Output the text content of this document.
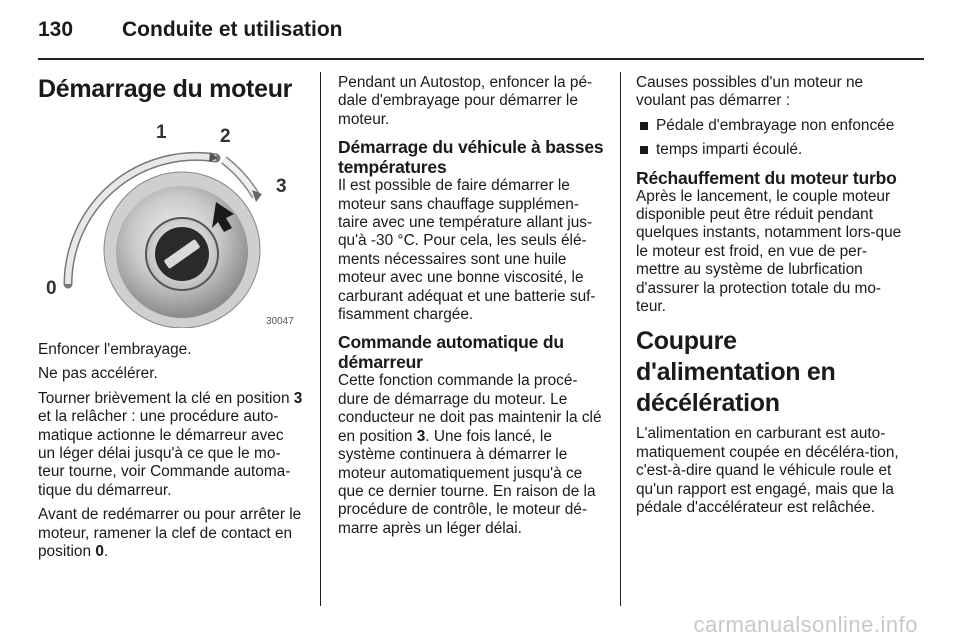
130	Conduite et utilisation
Démarrage du moteur
1	2
3
0
30047

Enfoncer l'embrayage.

Ne pas accélérer.

Tourner brièvement la clé en position 3 et la relâcher : une procédure auto-matique actionne le démarreur avec un léger délai jusqu'à ce que le mo-teur tourne, voir Commande automa-tique du démarreur.

Avant de redémarrer ou pour arrêter le moteur, ramener la clef de contact en position 0.

Pendant un Autostop, enfoncer la pé-dale d'embrayage pour démarrer le moteur.

Démarrage du véhicule à basses températures

Il est possible de faire démarrer le moteur sans chauffage supplémen-taire avec une température allant jus-qu'à -30 °C. Pour cela, les seuls élé-ments nécessaires sont une huile moteur avec une bonne viscosité, le carburant adéquat et une batterie suf-fisamment chargée.

Commande automatique du démarreur

Cette fonction commande la procé-dure de démarrage du moteur. Le conducteur ne doit pas maintenir la clé en position 3. Une fois lancé, le système continuera à démarrer le moteur automatiquement jusqu'à ce que ce dernier tourne. En raison de la procédure de contrôle, le moteur dé-marre après un léger délai.

Causes possibles d'un moteur ne voulant pas démarrer :

Pédale d'embrayage non enfoncée
temps imparti écoulé.
Réchauffement du moteur turbo

Après le lancement, le couple moteur disponible peut être réduit pendant quelques instants, notamment lors-que le moteur est froid, en vue de per-mettre au système de lubrfication d'assurer la protection totale du mo-teur.

Coupure d'alimentation en décélération

L'alimentation en carburant est auto-matiquement coupée en décéléra-tion, c'est-à-dire quand le véhicule roule et qu'un rapport est engagé, mais que la pédale d'accélérateur est relâchée.

carmanualsonline.info
